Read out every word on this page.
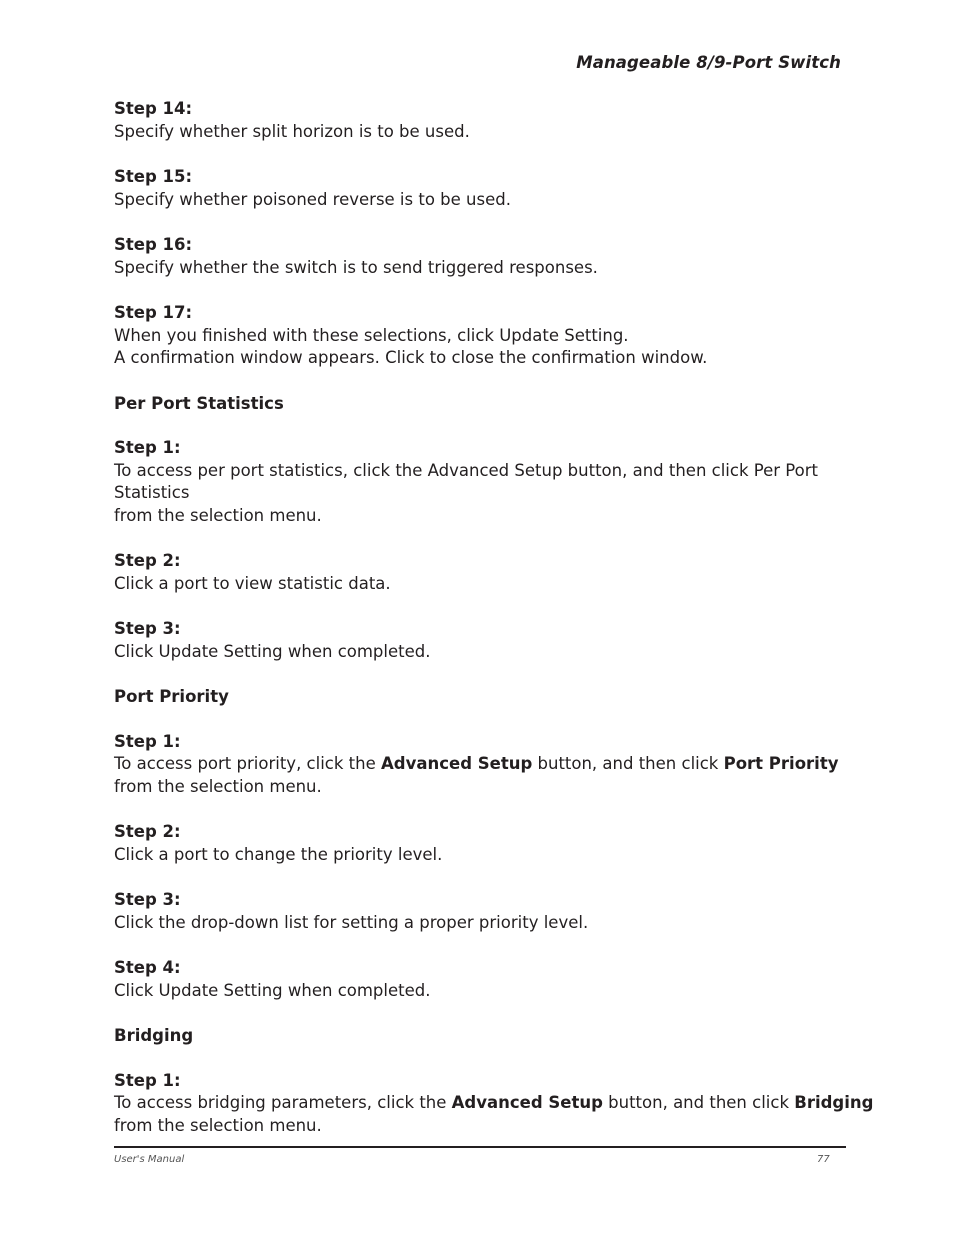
Manageable 8/9-Port Switch
Step 14:
Specify whether split horizon is to be used.
Step 15:
Specify whether poisoned reverse is to be used.
Step 16:
Specify whether the switch is to send triggered responses.
Step 17:
When you finished with these selections, click Update Setting.
A confirmation window appears. Click to close the confirmation window.
Per Port Statistics
Step 1:
To access per port statistics, click the Advanced Setup button, and then click Per Port Statistics
from the selection menu.
Step 2:
Click a port to view statistic data.
Step 3:
Click Update Setting when completed.
Port Priority
Step 1:
To access port priority, click the Advanced Setup button, and then click Port Priority
from the selection menu.
Step 2:
Click a port to change the priority level.
Step 3:
Click the drop-down list for setting a proper priority level.
Step 4:
Click Update Setting when completed.
Bridging
Step 1:
To access bridging parameters, click the Advanced Setup button, and then click Bridging
from the selection menu.
User's Manual	77
